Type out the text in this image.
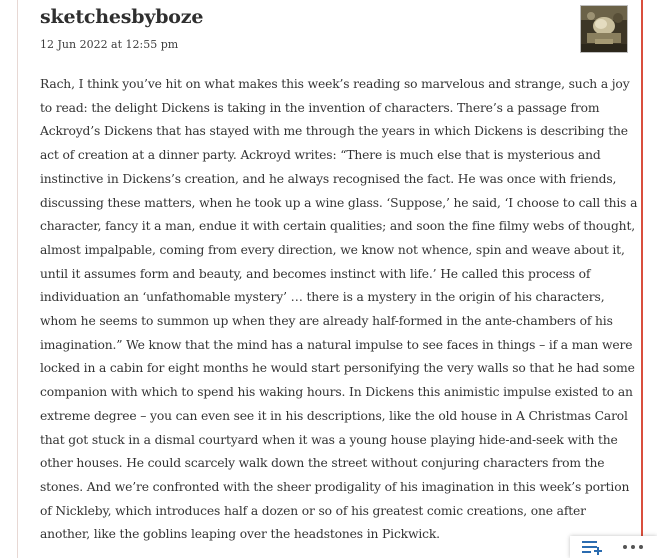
sketchesbyboze
12 Jun 2022 at 12:55 pm
Rach, I think you’ve hit on what makes this week’s reading so marvelous and strange, such a joy
to read: the delight Dickens is taking in the invention of characters. There’s a passage from
Ackroyd’s Dickens that has stayed with me through the years in which Dickens is describing the
act of creation at a dinner party. Ackroyd writes: “There is much else that is mysterious and
instinctive in Dickens’s creation, and he always recognised the fact. He was once with friends,
discussing these matters, when he took up a wine glass. ‘Suppose,’ he said, ‘I choose to call this a
character, fancy it a man, endue it with certain qualities; and soon the fine filmy webs of thought,
almost impalpable, coming from every direction, we know not whence, spin and weave about it,
until it assumes form and beauty, and becomes instinct with life.’ He called this process of
individuation an ‘unfathomable mystery’ … there is a mystery in the origin of his characters,
whom he seems to summon up when they are already half-formed in the ante-chambers of his
imagination.” We know that the mind has a natural impulse to see faces in things – if a man were
locked in a cabin for eight months he would start personifying the very walls so that he had some
companion with which to spend his waking hours. In Dickens this animistic impulse existed to an
extreme degree – you can even see it in his descriptions, like the old house in A Christmas Carol
that got stuck in a dismal courtyard when it was a young house playing hide-and-seek with the
other houses. He could scarcely walk down the street without conjuring characters from the
stones. And we’re confronted with the sheer prodigality of his imagination in this week’s portion
of Nickleby, which introduces half a dozen or so of his greatest comic creations, one after
another, like the goblins leaping over the headstones in Pickwick.
